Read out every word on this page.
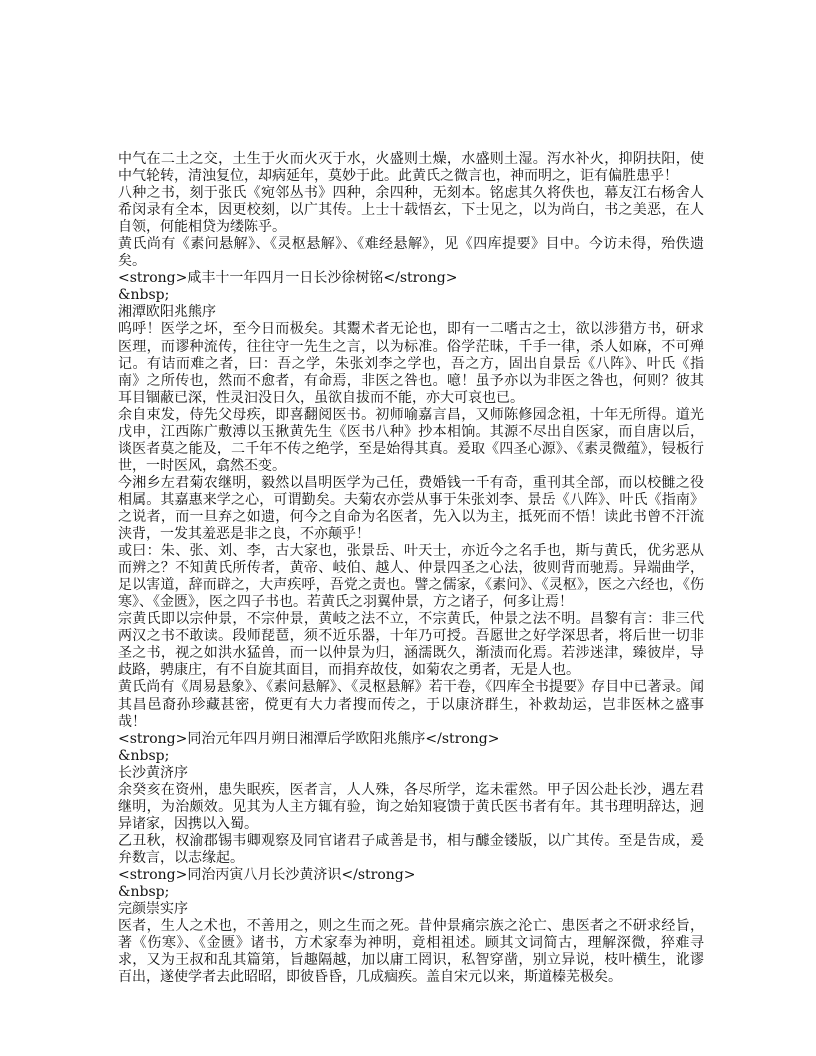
中气在二土之交，土生于火而火灭于水，火盛则土燥，水盛则土湿。泻水补火，抑阴扶阳，使中气轮转，清浊复位，却病延年，莫妙于此。此黄氏之微言也，神而明之，讵有偏胜患乎！

八种之书，刻于张氏《宛邻丛书》四种，余四种，无刻本。铭虑其久将佚也，幕友江右杨舍人希闵录有全本，因更校刻，以广其传。上士十载悟玄，下士见之，以为尚白，书之美恶，在人自领，何能相贷为缕陈乎。

黄氏尚有《素问悬解》、《灵枢悬解》、《难经悬解》，见《四库提要》目中。今访未得，殆佚遗矣。

<strong>咸丰十一年四月一日长沙徐树铭</strong>

&nbsp;

湘潭欧阳兆熊序

呜呼！医学之坏，至今日而极矣。其鬻术者无论也，即有一二嗜古之士，欲以涉猎方书，研求医理，而谬种流传，往往守一先生之言，以为标准。俗学茫昧，千手一律，杀人如麻，不可殚记。有诘而难之者，曰：吾之学，朱张刘李之学也，吾之方，固出自景岳《八阵》、叶氏《指南》之所传也，然而不愈者，有命焉，非医之咎也。噫！虽予亦以为非医之咎也，何则？彼其耳目锢蔽已深，性灵汩没日久，虽欲自拔而不能，亦大可哀也已。

余自束发，侍先父母疾，即喜翻阅医书。初师喻嘉言昌，又师陈修园念祖，十年无所得。道光戊申，江西陈广敷溥以玉揪黄先生《医书八种》抄本相饷。其源不尽出自医家，而自唐以后，谈医者莫之能及，二千年不传之绝学，至是始得其真。爰取《四圣心源》、《素灵微蕴》，锓板行世，一时医风，翕然丕变。

今湘乡左君菊农继明，毅然以昌明医学为己任，费婚钱一千有奇，重刊其全部，而以校雠之役相属。其嘉惠来学之心，可谓勤矣。夫菊农亦尝从事于朱张刘李、景岳《八阵》、叶氏《指南》之说者，而一旦弃之如遗，何今之自命为名医者，先入以为主，抵死而不悟！读此书曾不汗流浃背，一发其羞恶是非之良，不亦颠乎！

或曰：朱、张、刘、李，古大家也，张景岳、叶天士，亦近今之名手也，斯与黄氏，优劣恶从而辨之？不知黄氏所传者，黄帝、岐伯、越人、仲景四圣之心法，彼则背而驰焉。异端曲学，足以害道，辞而辟之，大声疾呼，吾党之责也。譬之儒家，《素问》、《灵枢》，医之六经也，《伤寒》、《金匮》，医之四子书也。若黄氏之羽翼仲景，方之诸子，何多让焉！

宗黄氏即以宗仲景，不宗仲景，黄岐之法不立，不宗黄氏，仲景之法不明。昌黎有言：非三代两汉之书不敢读。段师琵琶，须不近乐器，十年乃可授。吾愿世之好学深思者，将后世一切非圣之书，视之如洪水猛兽，而一以仲景为归，涵濡既久，渐渍而化焉。若涉迷津，臻彼岸，导歧路，骋康庄，有不自旋其面目，而捐弃故伎，如菊农之勇者，无是人也。

黄氏尚有《周易悬象》、《素问悬解》、《灵枢悬解》若干卷，《四库全书提要》存目中已著录。闻其昌邑裔孙珍藏甚密，傥更有大力者搜而传之，于以康济群生，补救劫运，岂非医林之盛事哉！

<strong>同治元年四月朔日湘潭后学欧阳兆熊序</strong>

&nbsp;

长沙黄济序

余癸亥在资州，患失眠疾，医者言，人人殊，各尽所学，迄未霍然。甲子因公赴长沙，遇左君继明，为治颇效。见其为人主方辄有验，询之始知寝馈于黄氏医书者有年。其书理明辞达，迥异诸家，因携以入蜀。

乙丑秋，权渝郡锡韦卿观察及同官诸君子咸善是书，相与醵金镂版，以广其传。至是告成，爰弁数言，以志缘起。

<strong>同治丙寅八月长沙黄济识</strong>

&nbsp;

完颜崇实序

医者，生人之术也，不善用之，则之生而之死。昔仲景痛宗族之沦亡、患医者之不研求经旨，著《伤寒》、《金匮》诸书，方术家奉为神明，竟相祖述。顾其文词简古，理解深微，猝难寻求，又为王叔和乱其篇第，旨趣隔越，加以庸工罔识，私智穿凿，别立异说，枝叶横生，讹谬百出，遂使学者去此昭昭，即彼昏昏，几成痼疾。盖自宋元以来，斯道榛芜极矣。
